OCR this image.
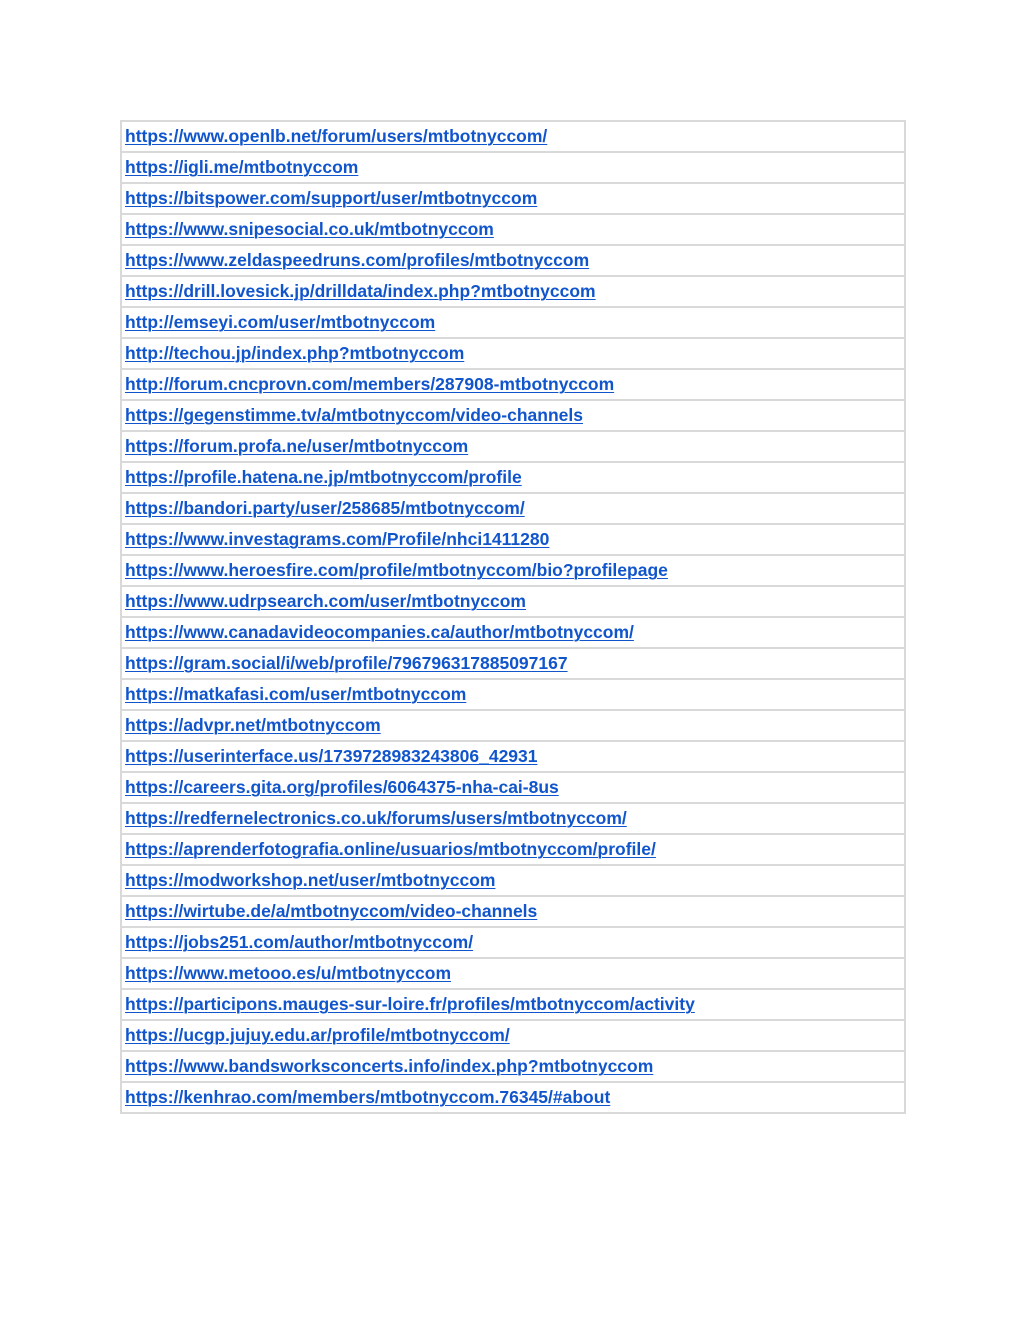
https://www.openlb.net/forum/users/mtbotnyccom/
https://igli.me/mtbotnyccom
https://bitspower.com/support/user/mtbotnyccom
https://www.snipesocial.co.uk/mtbotnyccom
https://www.zeldaspeedruns.com/profiles/mtbotnyccom
https://drill.lovesick.jp/drilldata/index.php?mtbotnyccom
http://emseyi.com/user/mtbotnyccom
http://techou.jp/index.php?mtbotnyccom
http://forum.cncprovn.com/members/287908-mtbotnyccom
https://gegenstimme.tv/a/mtbotnyccom/video-channels
https://forum.profa.ne/user/mtbotnyccom
https://profile.hatena.ne.jp/mtbotnyccom/profile
https://bandori.party/user/258685/mtbotnyccom/
https://www.investagrams.com/Profile/nhci1411280
https://www.heroesfire.com/profile/mtbotnyccom/bio?profilepage
https://www.udrpsearch.com/user/mtbotnyccom
https://www.canadavideocompanies.ca/author/mtbotnyccom/
https://gram.social/i/web/profile/796796317885097167
https://matkafasi.com/user/mtbotnyccom
https://advpr.net/mtbotnyccom
https://userinterface.us/1739728983243806_42931
https://careers.gita.org/profiles/6064375-nha-cai-8us
https://redfernelectronics.co.uk/forums/users/mtbotnyccom/
https://aprenderfotografia.online/usuarios/mtbotnyccom/profile/
https://modworkshop.net/user/mtbotnyccom
https://wirtube.de/a/mtbotnyccom/video-channels
https://jobs251.com/author/mtbotnyccom/
https://www.metooo.es/u/mtbotnyccom
https://participons.mauges-sur-loire.fr/profiles/mtbotnyccom/activity
https://ucgp.jujuy.edu.ar/profile/mtbotnyccom/
https://www.bandsworksconcerts.info/index.php?mtbotnyccom
https://kenhrao.com/members/mtbotnyccom.76345/#about
